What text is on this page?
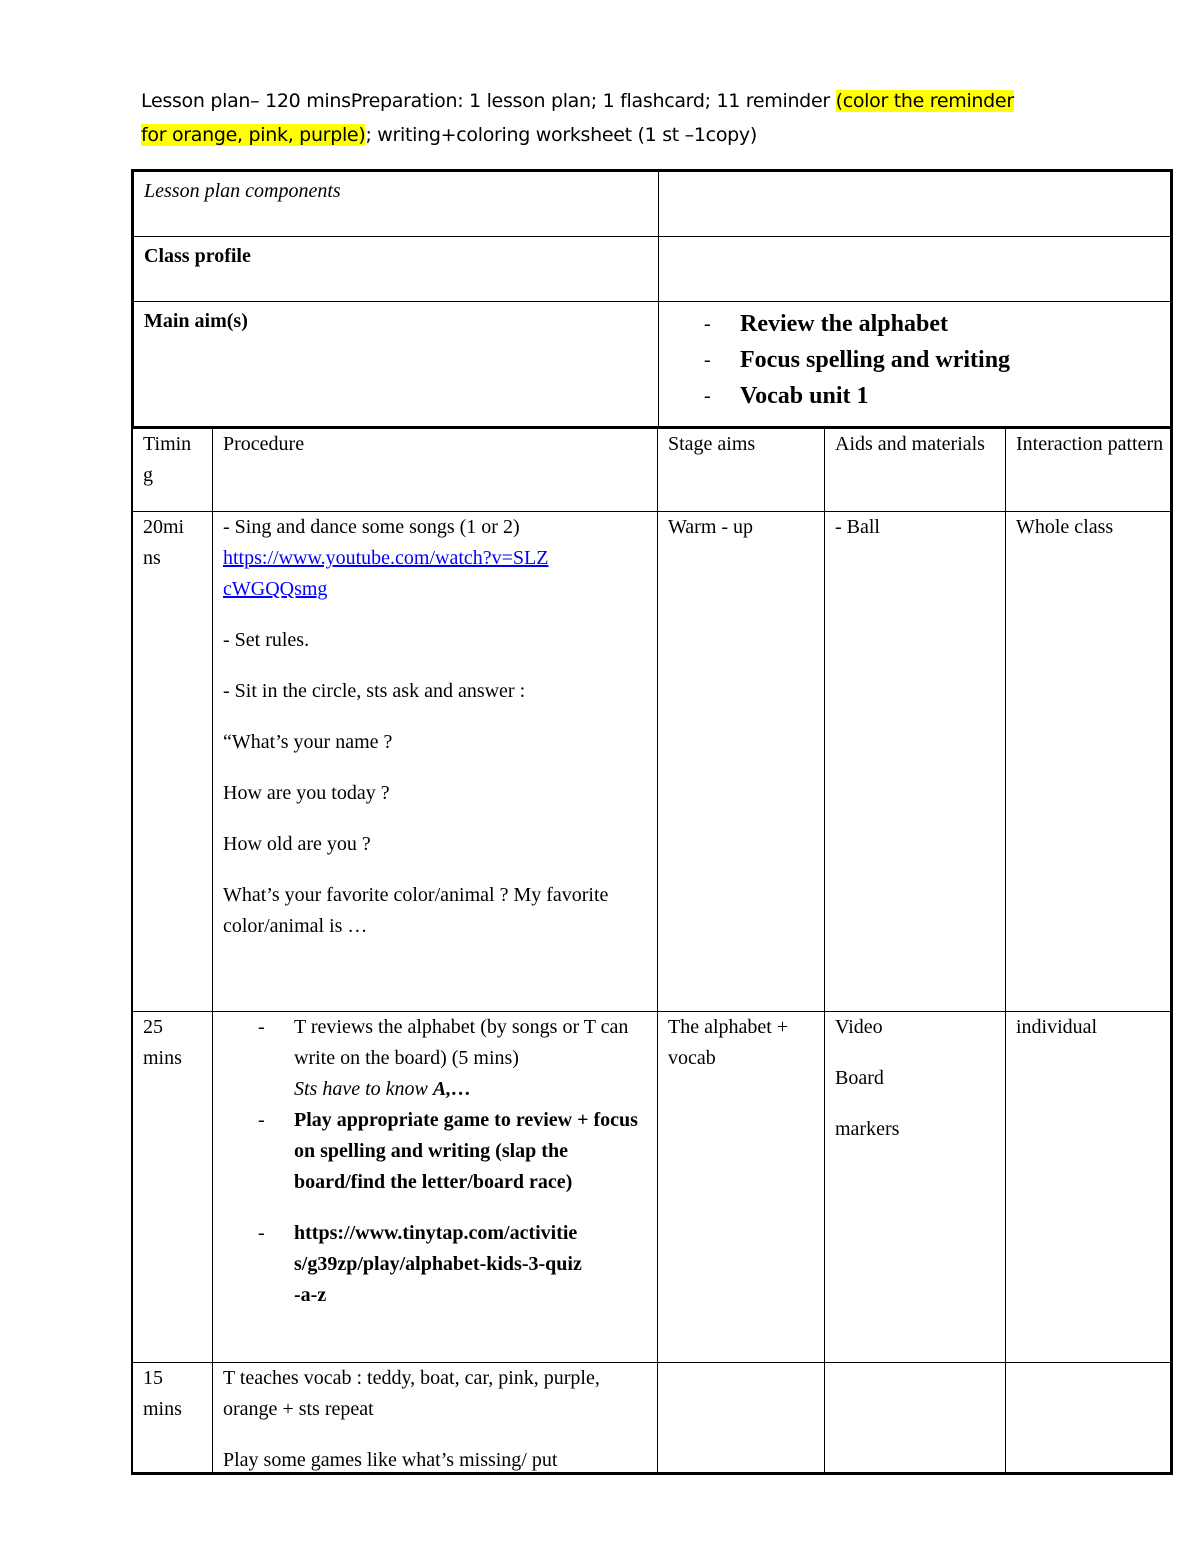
Lesson plan– 120 minsPreparation: 1 lesson plan; 1 flashcard; 11 reminder (color the reminder
for orange, pink, purple); writing+coloring worksheet (1 st –1copy)
Lesson plan components
Class profile
Main aim(s)
-	Review the alphabet
- Focus spelling and writing
- Vocab unit 1
Timin g
Procedure	Stage aims	Aids and materials	Interaction pattern
20mi ns

- Sing and dance some songs (1 or 2)

https://www.youtube.com/watch?v=SLZcWGQQsmg

- Set rules.

- Sit in the circle, sts ask and answer :

“What’s your name ?

How are you today ?

How old are you ?

What’s your favorite color/animal ? My favorite color/animal is …

Warm - up	- Ball	Whole class
25 mins
- T reviews the alphabet (by songs or T can write on the board) (5 mins)
Sts have to know A,…
- Play appropriate game to review + focus on spelling and writing (slap the board/find the letter/board race)
- https://www.tinytap.com/activities/g39zp/play/alphabet-kids-3-quiz-a-z
The alphabet + vocab

Video

Board

markers

individual
15 mins

T teaches vocab : teddy, boat, car, pink, purple, orange + sts repeat

Play some games like what’s missing/ put
